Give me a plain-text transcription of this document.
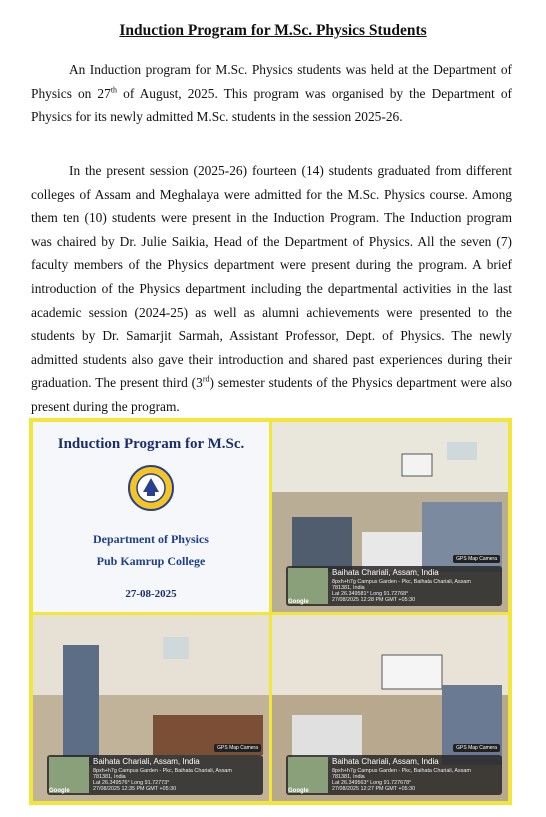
Induction Program for M.Sc. Physics Students

An Induction program for M.Sc. Physics students was held at the Department of Physics on 27th of August, 2025. This program was organised by the Department of Physics for its newly admitted M.Sc. students in the session 2025-26.

In the present session (2025-26) fourteen (14) students graduated from different colleges of Assam and Meghalaya were admitted for the M.Sc. Physics course. Among them ten (10) students were present in the Induction Program. The Induction program was chaired by Dr. Julie Saikia, Head of the Department of Physics. All the seven (7) faculty members of the Physics department were present during the program. A brief introduction of the Physics department including the departmental activities in the last academic session (2024-25) as well as alumni achievements were presented to the students by Dr. Samarjit Sarmah, Assistant Professor, Dept. of Physics. The newly admitted students also gave their introduction and shared past experiences during their graduation. The present third (3rd) semester students of the Physics department were also present during the program.

Induction Program for M.Sc.
Department of Physics
Pub Kamrup College
27-08-2025
GPS Map Camera
Google
Baihata Chariali, Assam, India
8pxh+h7g Campus Garden - Pkc, Baihata Chariali, Assam 781381, India
Lat 26.349581° Long 91.72768°
27/08/2025 12:28 PM GMT +05:30
GPS Map Camera
Google
Baihata Chariali, Assam, India
8pxh+h7g Campus Garden - Pkc, Baihata Chariali, Assam 781381, India
Lat 26.349576° Long 91.72773°
27/08/2025 12:35 PM GMT +05:30
GPS Map Camera
Google
Baihata Chariali, Assam, India
8pxh+h7g Campus Garden - Pkc, Baihata Chariali, Assam 781381, India
Lat 26.349563° Long 91.727678°
27/08/2025 12:27 PM GMT +05:30
